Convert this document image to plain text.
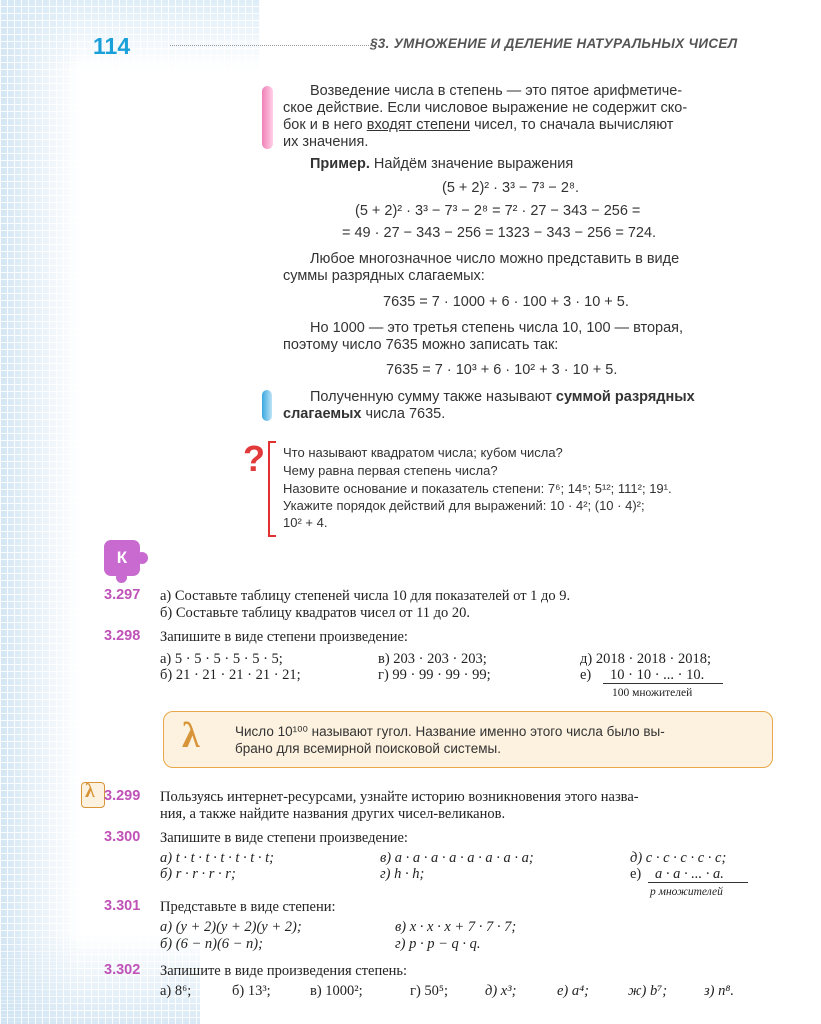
114	§3. УМНОЖЕНИЕ И ДЕЛЕНИЕ НАТУРАЛЬНЫХ ЧИСЕЛ
Возведение числа в степень — это пятое арифметиче-
ское действие. Если числовое выражение не содержит ско-
бок и в него входят степени чисел, то сначала вычисляют
их значения.
Пример. Найдём значение выражения
(5 + 2)² · 3³ − 7³ − 2⁸.
(5 + 2)² · 3³ − 7³ − 2⁸ = 7² · 27 − 343 − 256 =
= 49 · 27 − 343 − 256 = 1323 − 343 − 256 = 724.
Любое многозначное число можно представить в виде
суммы разрядных слагаемых:
7635 = 7 · 1000 + 6 · 100 + 3 · 10 + 5.
Но 1000 — это третья степень числа 10, 100 — вторая,
поэтому число 7635 можно записать так:
7635 = 7 · 10³ + 6 · 10² + 3 · 10 + 5.
Полученную сумму также называют суммой разрядных
слагаемых числа 7635.
? Что называют квадратом числа; кубом числа?
Чему равна первая степень числа?
Назовите основание и показатель степени: 7⁶; 14⁵; 5¹²; 111²; 19¹.
Укажите порядок действий для выражений: 10 · 4²; (10 · 4)²;
10² + 4.
К
3.297 а) Составьте таблицу степеней числа 10 для показателей от 1 до 9.
б) Составьте таблицу квадратов чисел от 11 до 20.
3.298 Запишите в виде степени произведение:
а) 5 · 5 · 5 · 5 · 5 · 5;	в) 203 · 203 · 203;	д) 2018 · 2018 · 2018;
б) 21 · 21 · 21 · 21 · 21;	г) 99 · 99 · 99 · 99;	е) 10 · 10 · ... · 10.
100 множителей
λ	Число 10¹⁰⁰ называют гугол. Название именно этого числа было вы-
брано для всемирной поисковой системы.
λ 3.299 Пользуясь интернет-ресурсами, узнайте историю возникновения этого назва-
ния, а также найдите названия других чисел-великанов.
3.300 Запишите в виде степени произведение:
а) t · t · t · t · t · t · t;	в) a · a · a · a · a · a · a · a;	д) c · c · c · c · c;
б) r · r · r · r;	г) h · h;	е) a · a · ... · a.
p множителей
3.301 Представьте в виде степени:
а) (y + 2)(y + 2)(y + 2);	в) x · x · x + 7 · 7 · 7;
б) (6 − n)(6 − n);	г) p · p − q · q.
3.302 Запишите в виде произведения степень:
а) 8⁶;	б) 13³;	в) 1000²;	г) 50⁵;	д) x³;	е) a⁴;	ж) b⁷;	з) n⁸.
